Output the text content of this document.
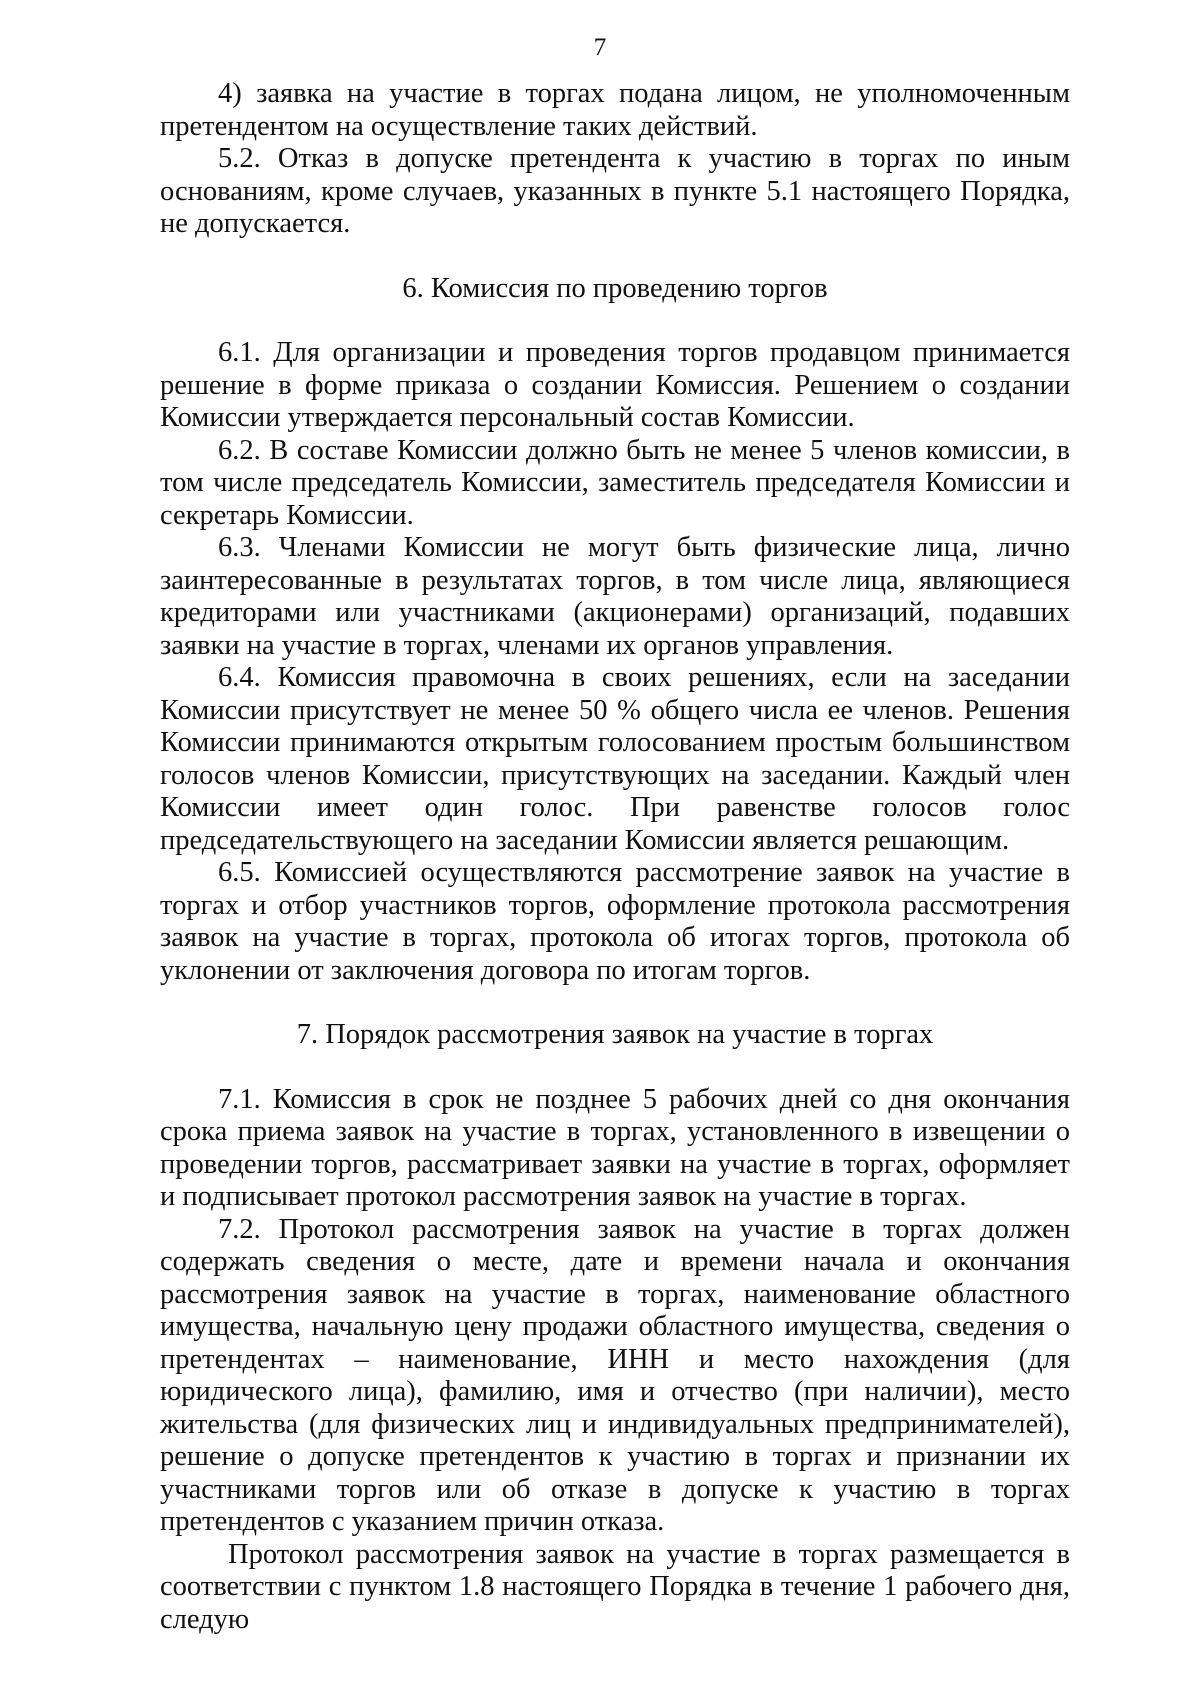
7

4) заявка на участие в торгах подана лицом, не уполномоченным претендентом на осуществление таких действий.

5.2. Отказ в допуске претендента к участию в торгах по иным основаниям, кроме случаев, указанных в пункте 5.1 настоящего Порядка, не допускается.

6. Комиссия по проведению торгов

6.1. Для организации и проведения торгов продавцом принимается решение в форме приказа о создании Комиссия. Решением о создании Комиссии утверждается персональный состав Комиссии.

6.2. В составе Комиссии должно быть не менее 5 членов комиссии, в том числе председатель Комиссии, заместитель председателя Комиссии и секретарь Комиссии.

6.3. Членами Комиссии не могут быть физические лица, лично заинтересованные в результатах торгов, в том числе лица, являющиеся кредиторами или участниками (акционерами) организаций, подавших заявки на участие в торгах, членами их органов управления.

6.4. Комиссия правомочна в своих решениях, если на заседании Комиссии присутствует не менее 50 % общего числа ее членов. Решения Комиссии принимаются открытым голосованием простым большинством голосов членов Комиссии, присутствующих на заседании. Каждый член Комиссии имеет один голос. При равенстве голосов голос председательствующего на заседании Комиссии является решающим.

6.5. Комиссией осуществляются рассмотрение заявок на участие в торгах и отбор участников торгов, оформление протокола рассмотрения заявок на участие в торгах, протокола об итогах торгов, протокола об уклонении от заключения договора по итогам торгов.

7. Порядок рассмотрения заявок на участие в торгах

7.1. Комиссия в срок не позднее 5 рабочих дней со дня окончания срока приема заявок на участие в торгах, установленного в извещении о проведении торгов, рассматривает заявки на участие в торгах, оформляет и подписывает протокол рассмотрения заявок на участие в торгах.

7.2. Протокол рассмотрения заявок на участие в торгах должен содержать сведения о месте, дате и времени начала и окончания рассмотрения заявок на участие в торгах, наименование областного имущества, начальную цену продажи областного имущества, сведения о претендентах – наименование, ИНН и место нахождения (для юридического лица), фамилию, имя и отчество (при наличии), место жительства (для физических лиц и индивидуальных предпринимателей), решение о допуске претендентов к участию в торгах и признании их участниками торгов или об отказе в допуске к участию в торгах претендентов с указанием причин отказа.

Протокол рассмотрения заявок на участие в торгах размещается в соответствии с пунктом 1.8 настоящего Порядка в течение 1 рабочего дня, следую
